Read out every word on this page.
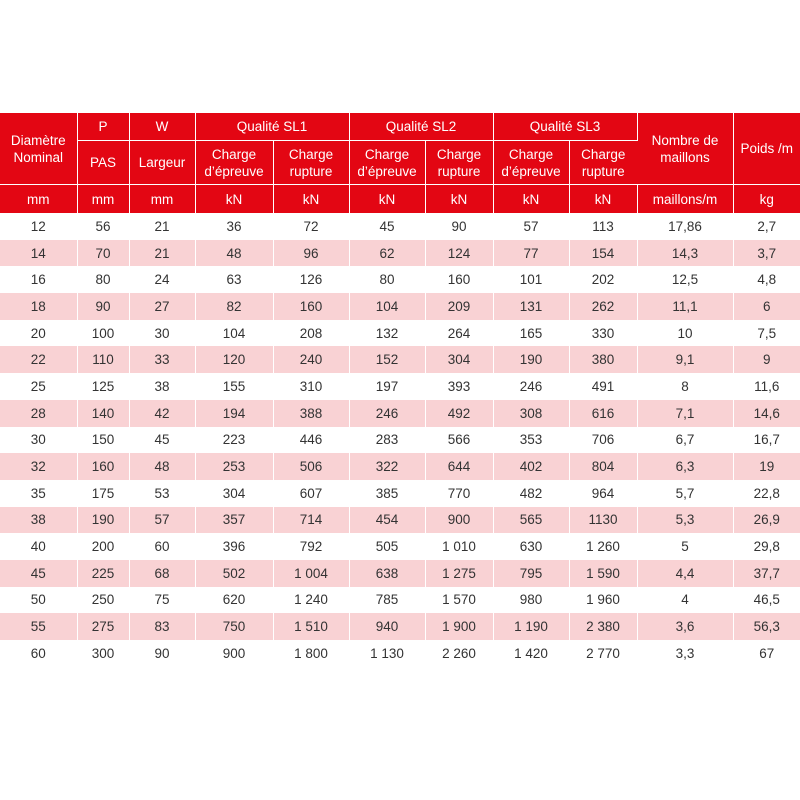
Diamètre Nominal	P	W	Qualité SL1		Qualité SL2		Qualité SL3		Nombre de maillons	Poids /m
	PAS	Largeur	Charge d’épreuve	Charge rupture	Charge d’épreuve	Charge rupture	Charge d’épreuve	Charge rupture		
mm	mm	mm	kN	kN	kN	kN	kN	kN	maillons/m	kg
12	56	21	36	72	45	90	57	113	17,86	2,7
14	70	21	48	96	62	124	77	154	14,3	3,7
16	80	24	63	126	80	160	101	202	12,5	4,8
18	90	27	82	160	104	209	131	262	11,1	6
20	100	30	104	208	132	264	165	330	10	7,5
22	110	33	120	240	152	304	190	380	9,1	9
25	125	38	155	310	197	393	246	491	8	11,6
28	140	42	194	388	246	492	308	616	7,1	14,6
30	150	45	223	446	283	566	353	706	6,7	16,7
32	160	48	253	506	322	644	402	804	6,3	19
35	175	53	304	607	385	770	482	964	5,7	22,8
38	190	57	357	714	454	900	565	1130	5,3	26,9
40	200	60	396	792	505	1 010	630	1 260	5	29,8
45	225	68	502	1 004	638	1 275	795	1 590	4,4	37,7
50	250	75	620	1 240	785	1 570	980	1 960	4	46,5
55	275	83	750	1 510	940	1 900	1 190	2 380	3,6	56,3
60	300	90	900	1 800	1 130	2 260	1 420	2 770	3,3	67
